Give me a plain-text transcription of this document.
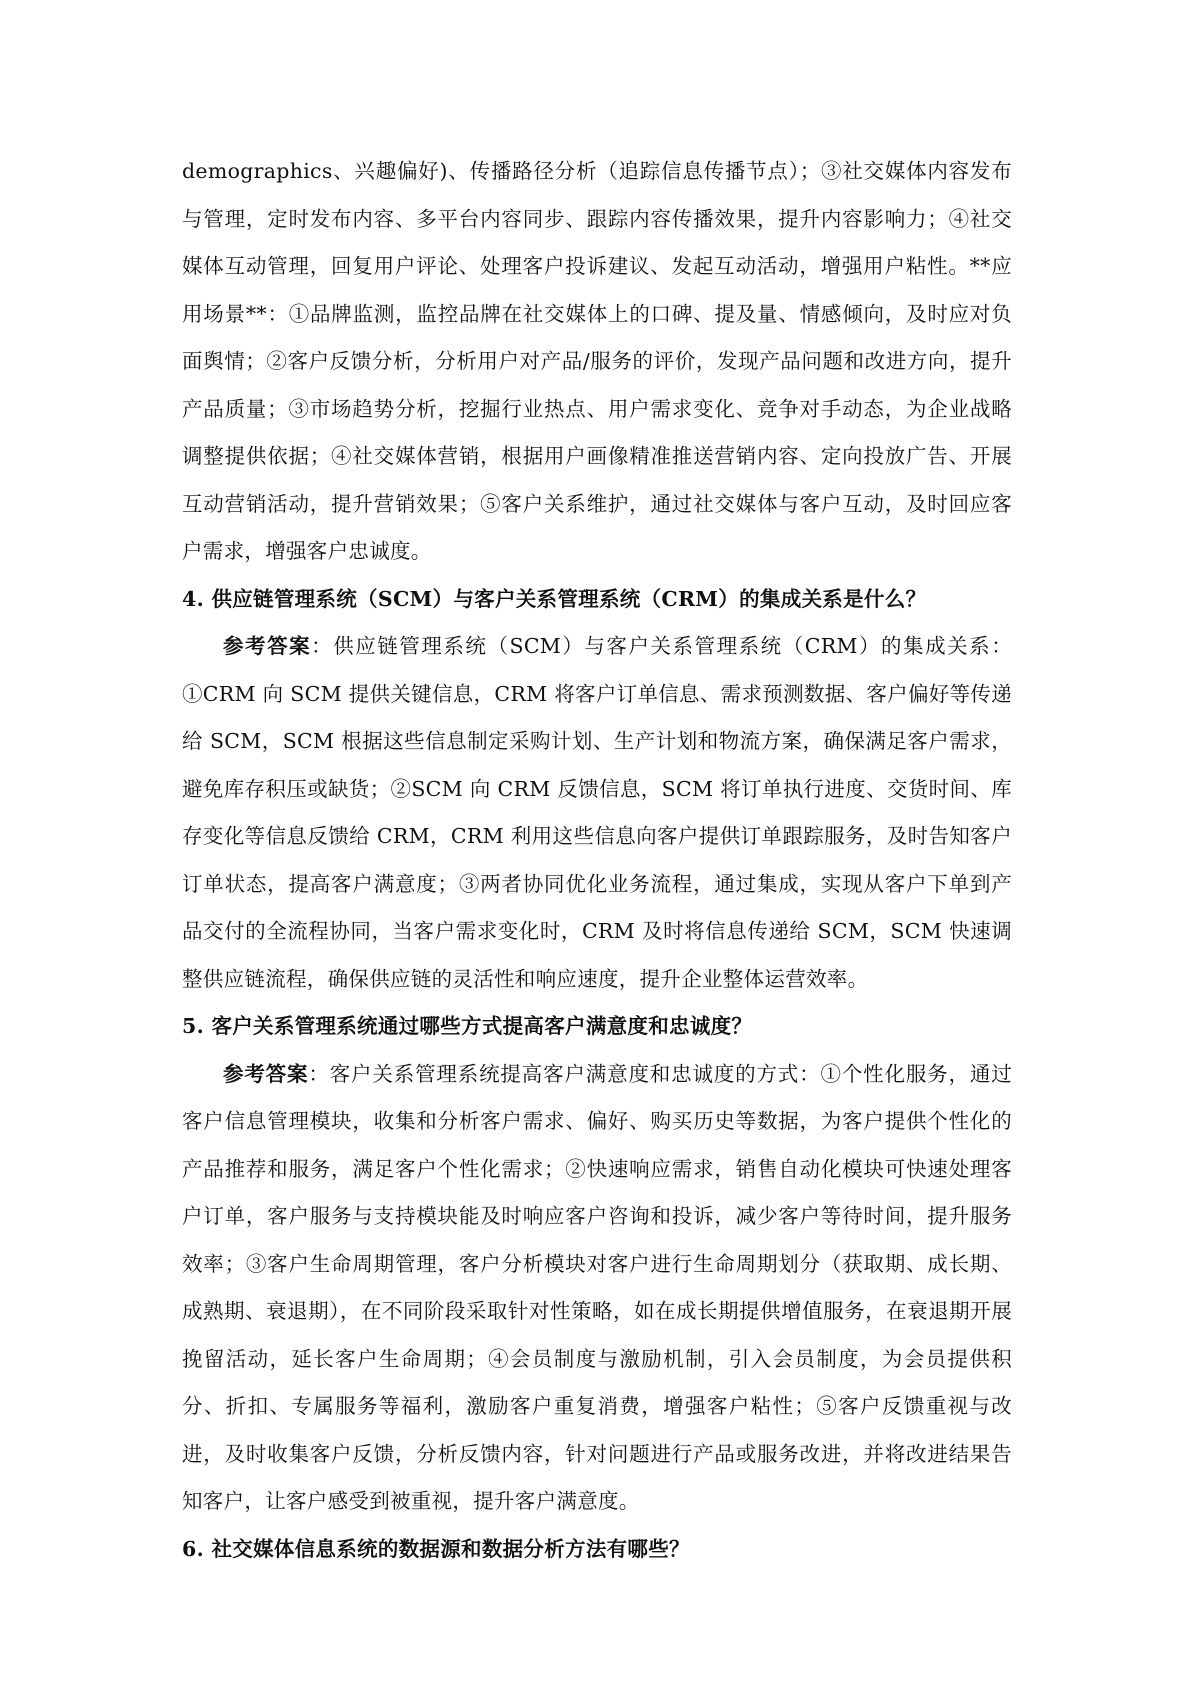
demographics、兴趣偏好)、传播路径分析（追踪信息传播节点）；③社交媒体内容发布与管理，定时发布内容、多平台内容同步、跟踪内容传播效果，提升内容影响力；④社交媒体互动管理，回复用户评论、处理客户投诉建议、发起互动活动，增强用户粘性。**应用场景**：①品牌监测，监控品牌在社交媒体上的口碑、提及量、情感倾向，及时应对负面舆情；②客户反馈分析，分析用户对产品/服务的评价，发现产品问题和改进方向，提升产品质量；③市场趋势分析，挖掘行业热点、用户需求变化、竞争对手动态，为企业战略调整提供依据；④社交媒体营销，根据用户画像精准推送营销内容、定向投放广告、开展互动营销活动，提升营销效果；⑤客户关系维护，通过社交媒体与客户互动，及时回应客户需求，增强客户忠诚度。

4. 供应链管理系统（SCM）与客户关系管理系统（CRM）的集成关系是什么？

参考答案：供应链管理系统（SCM）与客户关系管理系统（CRM）的集成关系：①CRM 向 SCM 提供关键信息，CRM 将客户订单信息、需求预测数据、客户偏好等传递给 SCM，SCM 根据这些信息制定采购计划、生产计划和物流方案，确保满足客户需求，避免库存积压或缺货；②SCM 向 CRM 反馈信息，SCM 将订单执行进度、交货时间、库存变化等信息反馈给 CRM，CRM 利用这些信息向客户提供订单跟踪服务，及时告知客户订单状态，提高客户满意度；③两者协同优化业务流程，通过集成，实现从客户下单到产品交付的全流程协同，当客户需求变化时，CRM 及时将信息传递给 SCM，SCM 快速调整供应链流程，确保供应链的灵活性和响应速度，提升企业整体运营效率。

5. 客户关系管理系统通过哪些方式提高客户满意度和忠诚度？

参考答案：客户关系管理系统提高客户满意度和忠诚度的方式：①个性化服务，通过客户信息管理模块，收集和分析客户需求、偏好、购买历史等数据，为客户提供个性化的产品推荐和服务，满足客户个性化需求；②快速响应需求，销售自动化模块可快速处理客户订单，客户服务与支持模块能及时响应客户咨询和投诉，减少客户等待时间，提升服务效率；③客户生命周期管理，客户分析模块对客户进行生命周期划分（获取期、成长期、成熟期、衰退期），在不同阶段采取针对性策略，如在成长期提供增值服务，在衰退期开展挽留活动，延长客户生命周期；④会员制度与激励机制，引入会员制度，为会员提供积分、折扣、专属服务等福利，激励客户重复消费，增强客户粘性；⑤客户反馈重视与改进，及时收集客户反馈，分析反馈内容，针对问题进行产品或服务改进，并将改进结果告知客户，让客户感受到被重视，提升客户满意度。

6. 社交媒体信息系统的数据源和数据分析方法有哪些？
